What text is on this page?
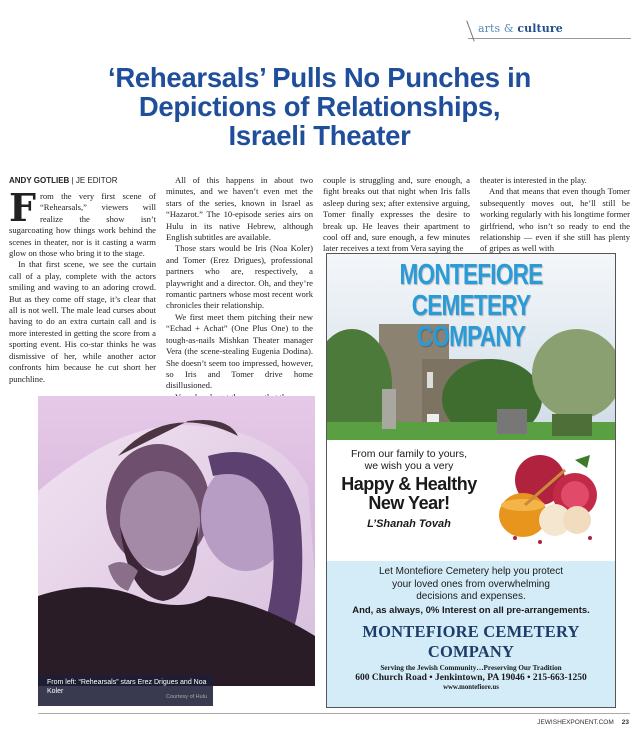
arts & culture
‘Rehearsals’ Pulls No Punches in
Depictions of Relationships,
Israeli Theater
ANDY GOTLIEB | JE EDITOR

From the very first scene of “Rehearsals,” viewers will realize the show isn’t sugarcoating how things work behind the scenes in theater, nor is it casting a warm glow on those who bring it to the stage.

In that first scene, we see the curtain call of a play, complete with the actors smiling and waving to an adoring crowd. But as they come off stage, it’s clear that all is not well. The male lead curses about having to do an extra curtain call and is more interested in getting the score from a sporting event. His co-star thinks he was dismissive of her, while another actor confronts him because he cut short her punchline.

All of this happens in about two minutes, and we haven’t even met the stars of the series, known in Israel as “Hazarot.” The 10-episode series airs on Hulu in its native Hebrew, although English subtitles are available.

Those stars would be Iris (Noa Koler) and Tomer (Erez Drigues), professional partners who are, respectively, a playwright and a director. Oh, and they’re romantic partners whose most recent work chronicles their relationship.

We first meet them pitching their new “Echad + Achat” (One Plus One) to the tough-as-nails Mishkan Theater manager Vera (the scene-stealing Eugenia Dodina). She doesn’t seem too impressed, however, so Iris and Tomer drive home disillusioned.

couple is struggling and, sure enough, a fight breaks out that night when Iris falls asleep during sex; after extensive arguing, Tomer finally expresses the desire to break up. He leaves their apartment to cool off and, sure enough, a few minutes later receives a text from Vera saying the

theater is interested in the play.

And that means that even though Tomer subsequently moves out, he’ll still be working regularly with his longtime former girlfriend, who isn’t so ready to end the relationship — even if she still has plenty of gripes as well with

From left: “Rehearsals” stars Erez Drigues and Noa Koler
Courtesy of Hulu
MONTEFIORE CEMETERY
COMPANY
From our family to yours,
we wish you a very
Happy & Healthy
New Year!
L’Shanah Tovah
Let Montefiore Cemetery help you protect
your loved ones from overwhelming
decisions and expenses.
And, as always, 0% Interest on all pre-arrangements.
MONTEFIORE CEMETERY COMPANY
Serving the Jewish Community…Preserving Our Tradition
600 Church Road • Jenkintown, PA 19046 • 215-663-1250
www.montefiore.us
JEWISHEXPONENT.COM 23
